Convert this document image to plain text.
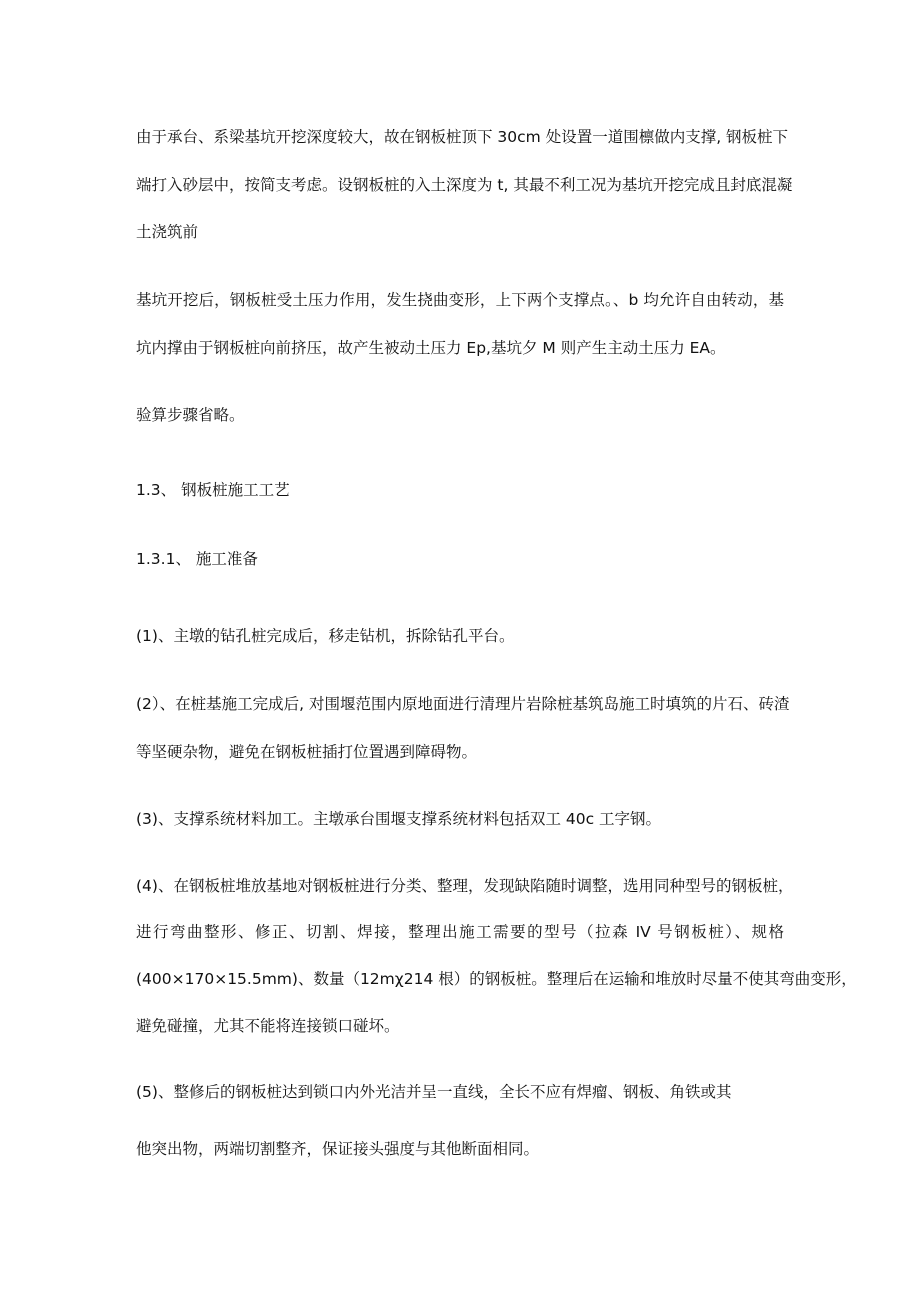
由于承台、系梁基坑开挖深度较大，故在钢板桩顶下 30cm 处设置一道围檩做内支撑, 钢板桩下
端打入砂层中，按简支考虑。设钢板桩的入土深度为 t, 其最不利工况为基坑开挖完成且封底混凝
土浇筑前
基坑开挖后，钢板桩受土压力作用，发生挠曲变形，上下两个支撑点。、b 均允许自由转动，基
坑内撑由于钢板桩向前挤压，故产生被动土压力 Ep,基坑夕 M 则产生主动土压力 EA。
验算步骤省略。
1.3、 钢板桩施工工艺
1.3.1、 施工准备
(1)、主墩的钻孔桩完成后，移走钻机，拆除钻孔平台。
(2）、在桩基施工完成后, 对围堰范围内原地面进行清理片岩除桩基筑岛施工时填筑的片石、砖渣
等坚硬杂物，避免在钢板桩插打位置遇到障碍物。
(3)、支撑系统材料加工。主墩承台围堰支撑系统材料包括双工 40c 工字钢。
(4)、在钢板桩堆放基地对钢板桩进行分类、整理，发现缺陷随时调整，选用同种型号的钢板桩，
进行弯曲整形、修正、切割、焊接，整理出施工需要的型号（拉森 IV 号钢板桩）、规格
(400×170×15.5mm)、数量（12mχ214 根）的钢板桩。整理后在运输和堆放时尽量不使其弯曲变形，
避免碰撞，尤其不能将连接锁口碰坏。
(5)、整修后的钢板桩达到锁口内外光洁并呈一直线，全长不应有焊瘤、钢板、角铁或其
他突出物，两端切割整齐，保证接头强度与其他断面相同。
